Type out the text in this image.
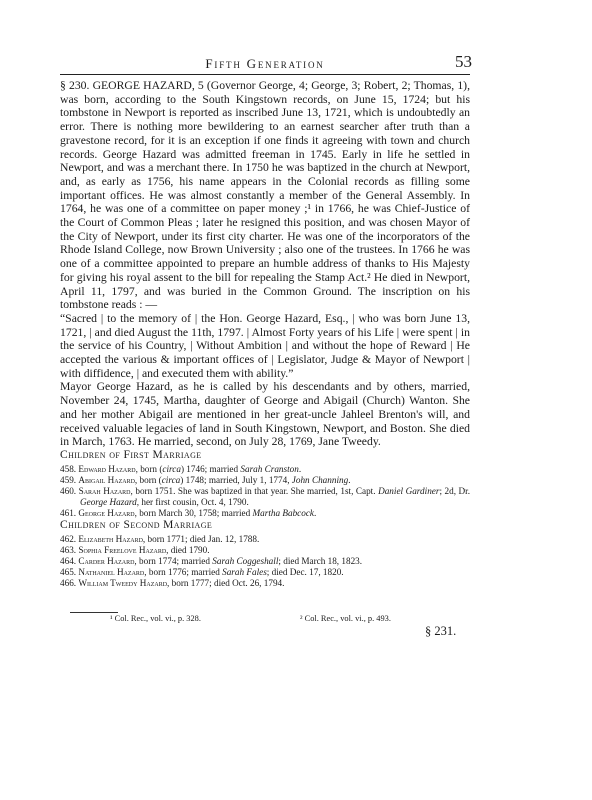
Fifth Generation	53

§ 230. GEORGE HAZARD, 5 (Governor George, 4; George, 3; Robert, 2; Thomas, 1), was born, according to the South Kingstown records, on June 15, 1724; but his tombstone in Newport is reported as inscribed June 13, 1721, which is undoubtedly an error. There is nothing more bewildering to an earnest searcher after truth than a gravestone record, for it is an exception if one finds it agreeing with town and church records. George Hazard was admitted freeman in 1745. Early in life he settled in Newport, and was a merchant there. In 1750 he was baptized in the church at Newport, and, as early as 1756, his name appears in the Colonial records as filling some important offices. He was almost constantly a member of the General Assembly. In 1764, he was one of a committee on paper money ;¹ in 1766, he was Chief-Justice of the Court of Common Pleas ; later he resigned this position, and was chosen Mayor of the City of Newport, under its first city charter. He was one of the incorporators of the Rhode Island College, now Brown University ; also one of the trustees. In 1766 he was one of a committee appointed to prepare an humble address of thanks to His Majesty for giving his royal assent to the bill for repealing the Stamp Act.² He died in Newport, April 11, 1797, and was buried in the Common Ground. The inscription on his tombstone reads : —

“Sacred | to the memory of | the Hon. George Hazard, Esq., | who was born June 13, 1721, | and died August the 11th, 1797. | Almost Forty years of his Life | were spent | in the service of his Country, | Without Ambition | and without the hope of Reward | He accepted the various & important offices of | Legislator, Judge & Mayor of Newport | with diffidence, | and executed them with ability.”

Mayor George Hazard, as he is called by his descendants and by others, married, November 24, 1745, Martha, daughter of George and Abigail (Church) Wanton. She and her mother Abigail are mentioned in her great-uncle Jahleel Brenton's will, and received valuable legacies of land in South Kingstown, Newport, and Boston. She died in March, 1763. He married, second, on July 28, 1769, Jane Tweedy.

Children of First Marriage
458. Edward Hazard, born (circa) 1746; married Sarah Cranston.
459. Abigail Hazard, born (circa) 1748; married, July 1, 1774, John Channing.
460. Sarah Hazard, born 1751. She was baptized in that year. She married, 1st, Capt. Daniel Gardiner; 2d, Dr. George Hazard, her first cousin, Oct. 4, 1790.
461. George Hazard, born March 30, 1758; married Martha Babcock.
Children of Second Marriage
462. Elizabeth Hazard, born 1771; died Jan. 12, 1788.
463. Sophia Freelove Hazard, died 1790.
464. Carder Hazard, born 1774; married Sarah Coggeshall; died March 18, 1823.
465. Nathaniel Hazard, born 1776; married Sarah Fales; died Dec. 17, 1820.
466. William Tweedy Hazard, born 1777; died Oct. 26, 1794.
¹ Col. Rec., vol. vi., p. 328.	² Col. Rec., vol. vi., p. 493.
§ 231.
